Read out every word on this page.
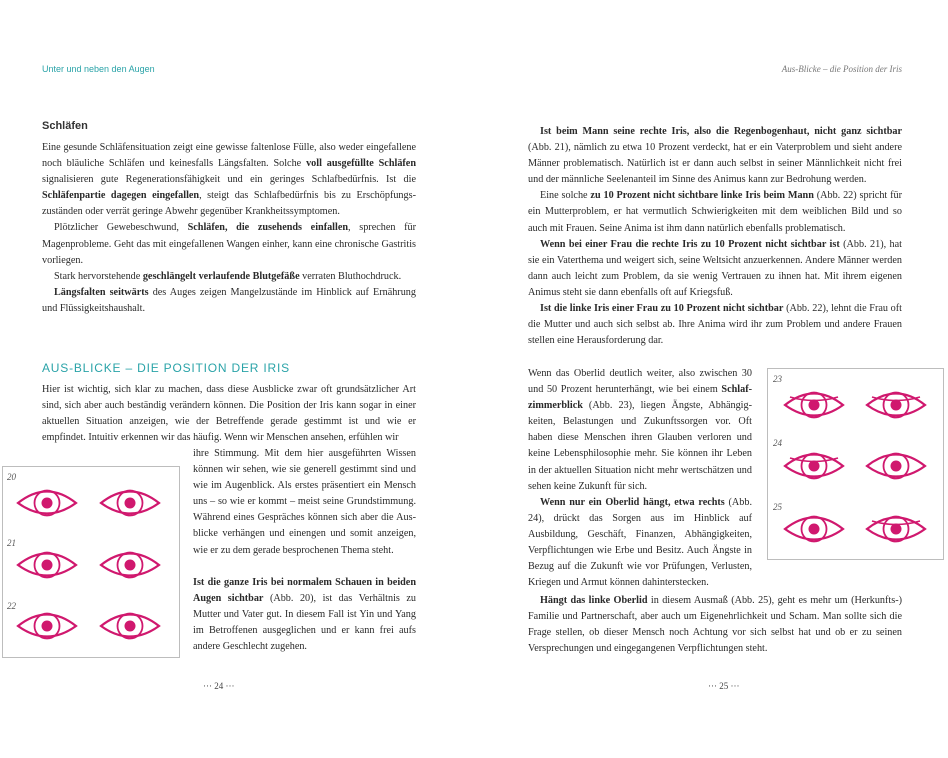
Unter und neben den Augen	Aus-Blicke – die Position der Iris
Schläfen

Eine gesunde Schläfensituation zeigt eine gewisse faltenlose Fülle, also weder eingefallene noch bläuliche Schläfen und keinesfalls Längsfalten. Solche voll ausgefüllte Schläfen signalisieren gute Regenerationsfähigkeit und ein geringes Schlafbedürfnis. Ist die Schläfenpartie dagegen eingefallen, steigt das Schlafbedürfnis bis zu Erschöpfungszuständen oder verrät geringe Abwehr gegenüber Krankheitssymptomen.

Plötzlicher Gewebeschwund, Schläfen, die zusehends einfallen, sprechen für Magenprobleme. Geht das mit eingefallenen Wangen einher, kann eine chronische Gastritis vorliegen.

Stark hervorstehende geschlängelt verlaufende Blutgefäße verraten Bluthochdruck.

Längsfalten seitwärts des Auges zeigen Mangelzustände im Hinblick auf Ernährung und Flüssigkeitshaushalt.

AUS-BLICKE – DIE POSITION DER IRIS

Hier ist wichtig, sich klar zu machen, dass diese Ausblicke zwar oft grundsätzlicher Art sind, sich aber auch beständig verändern können. Die Position der Iris kann sogar in einer aktuellen Situation anzeigen, wie der Betreffende gerade gestimmt ist und wie er empfindet. Intuitiv erkennen wir das häufig. Wenn wir Menschen ansehen, erfühlen wir

ihre Stimmung. Mit dem hier ausgeführten Wissen können wir sehen, wie sie generell gestimmt sind und wie im Augenblick. Als erstes präsentiert ein Mensch uns – so wie er kommt – meist seine Grundstimmung. Während eines Gespräches können sich aber die Ausblicke verhängen und einengen und somit anzeigen, wie er zu dem gerade besprochenen Thema steht.

Ist die ganze Iris bei normalem Schauen in beiden Augen sichtbar (Abb. 20), ist das Verhältnis zu Mutter und Vater gut. In diesem Fall ist Yin und Yang im Betroffenen ausgeglichen und er kann frei aufs andere Geschlecht zugehen.

20
21
22
··· 24 ···

Ist beim Mann seine rechte Iris, also die Regenbogenhaut, nicht ganz sichtbar (Abb. 21), nämlich zu etwa 10 Prozent verdeckt, hat er ein Vaterproblem und sieht andere Männer problematisch. Natürlich ist er dann auch selbst in seiner Männlichkeit nicht frei und der männliche Seelenanteil im Sinne des Animus kann zur Bedrohung werden.

Eine solche zu 10 Prozent nicht sichtbare linke Iris beim Mann (Abb. 22) spricht für ein Mutterproblem, er hat vermutlich Schwierigkeiten mit dem weiblichen Bild und so auch mit Frauen. Seine Anima ist ihm dann natürlich ebenfalls problematisch.

Wenn bei einer Frau die rechte Iris zu 10 Prozent nicht sichtbar ist (Abb. 21), hat sie ein Vaterthema und weigert sich, seine Weltsicht anzuerkennen. Andere Männer werden dann auch leicht zum Problem, da sie wenig Vertrauen zu ihnen hat. Mit ihrem eigenen Animus steht sie dann ebenfalls oft auf Kriegsfuß.

Ist die linke Iris einer Frau zu 10 Prozent nicht sichtbar (Abb. 22), lehnt die Frau oft die Mutter und auch sich selbst ab. Ihre Anima wird ihr zum Problem und andere Frauen stellen eine Herausforderung dar.

Wenn das Oberlid deutlich weiter, also zwischen 30 und 50 Prozent herunterhängt, wie bei einem Schlafzimmerblick (Abb. 23), liegen Ängste, Abhängigkeiten, Belastungen und Zukunftssorgen vor. Oft haben diese Menschen ihren Glauben verloren und keine Lebensphilosophie mehr. Sie können ihr Leben in der aktuellen Situation nicht mehr wertschätzen und sehen keine Zukunft für sich.

Wenn nur ein Oberlid hängt, etwa rechts (Abb. 24), drückt das Sorgen aus im Hinblick auf Ausbildung, Geschäft, Finanzen, Abhängigkeiten, Verpflichtungen wie Erbe und Besitz. Auch Ängste in Bezug auf die Zukunft wie vor Prüfungen, Verlusten, Kriegen und Armut können dahinterstecken.

Hängt das linke Oberlid in diesem Ausmaß (Abb. 25), geht es mehr um (Herkunfts-) Familie und Partnerschaft, aber auch um Eigenehrlichkeit und Scham. Man sollte sich die Frage stellen, ob dieser Mensch noch Achtung vor sich selbst hat und ob er zu seinen Versprechungen und eingegangenen Verpflichtungen steht.

23
24
25
··· 25 ···
